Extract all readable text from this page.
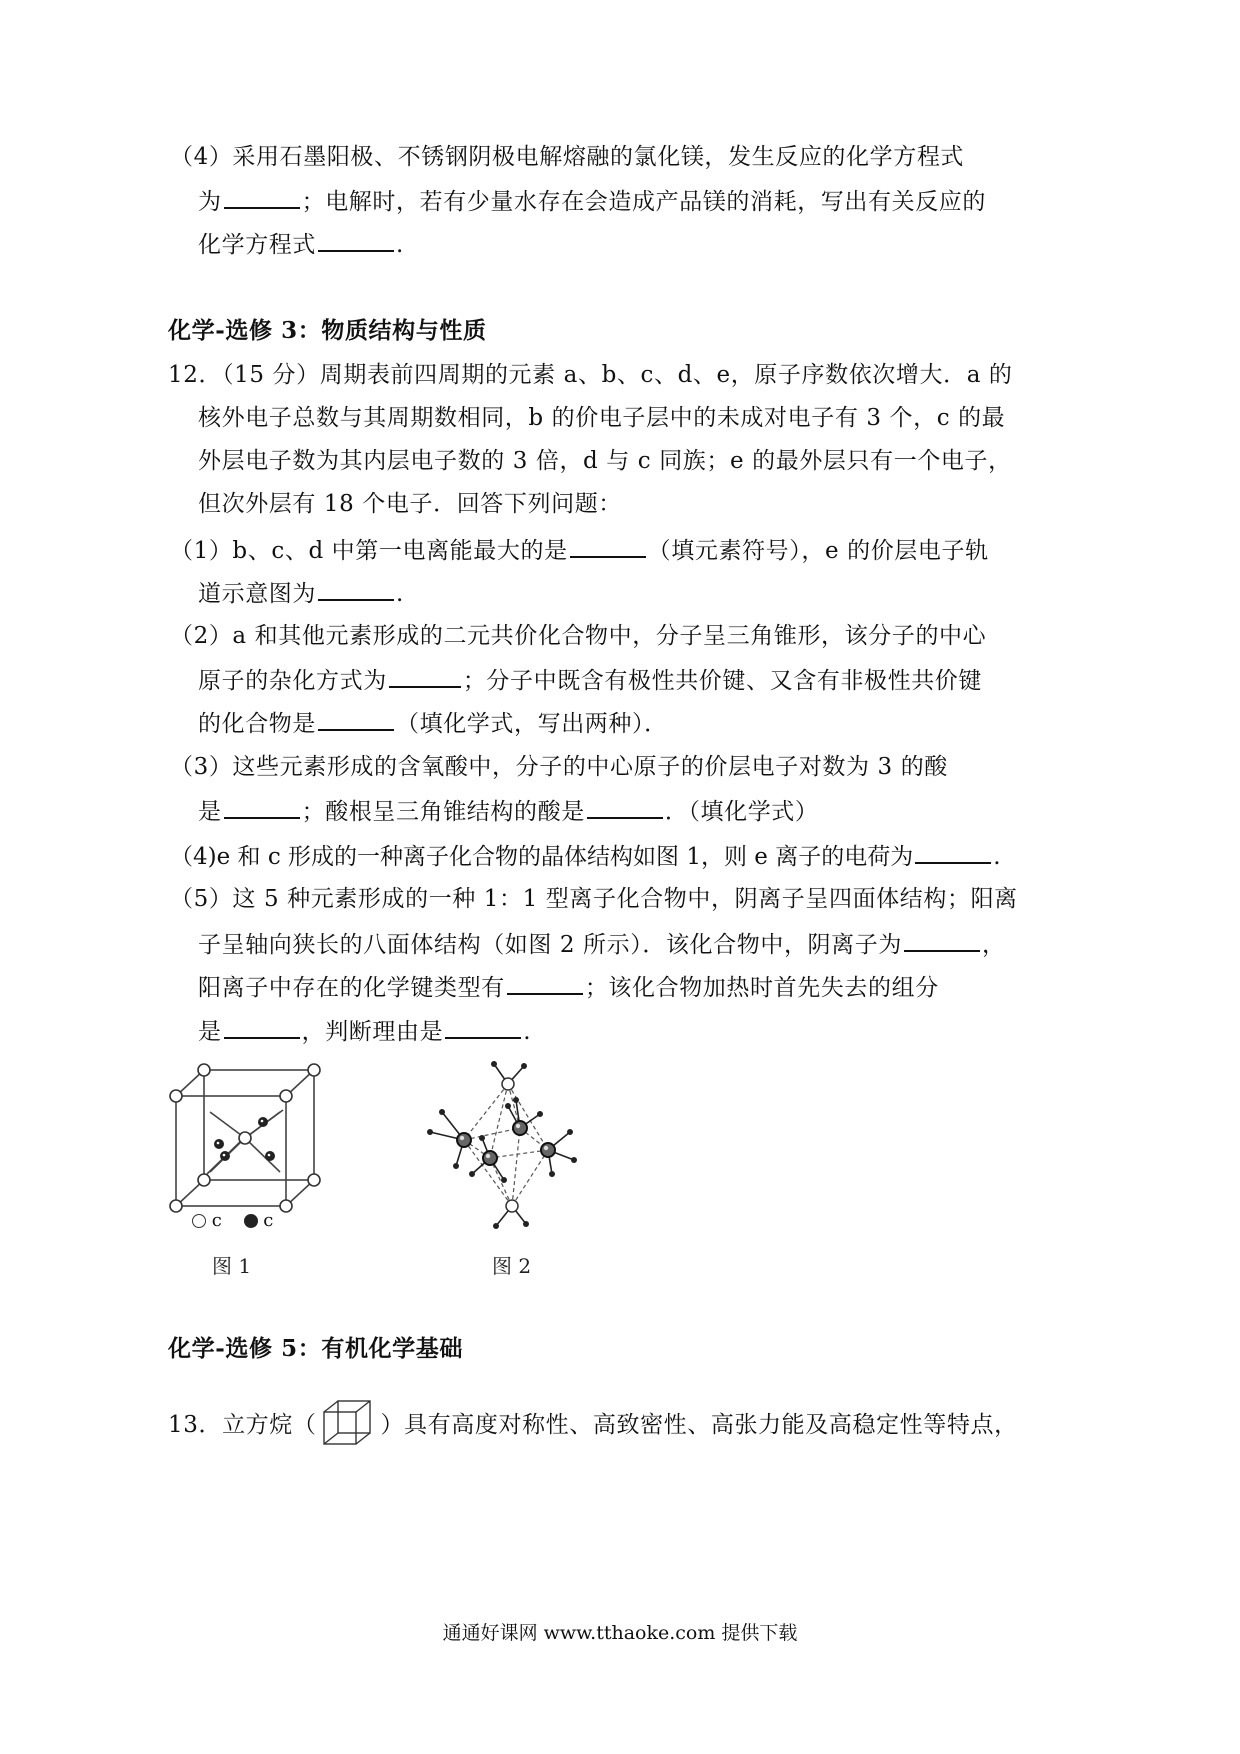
（4）采用石墨阳极、不锈钢阴极电解熔融的氯化镁，发生反应的化学方程式
为	；电解时，若有少量水存在会造成产品镁的消耗，写出有关反应的
化学方程式	.
化学-选修 3：物质结构与性质
12．（15 分）周期表前四周期的元素 a、b、c、d、e，原子序数依次增大．a 的
核外电子总数与其周期数相同，b 的价电子层中的未成对电子有 3 个，c 的最
外层电子数为其内层电子数的 3 倍，d 与 c 同族；e 的最外层只有一个电子，
但次外层有 18 个电子．回答下列问题：
（1）b、c、d 中第一电离能最大的是	（填元素符号），e 的价层电子轨
道示意图为	.
（2）a 和其他元素形成的二元共价化合物中，分子呈三角锥形，该分子的中心
原子的杂化方式为	；分子中既含有极性共价键、又含有非极性共价键
的化合物是	（填化学式，写出两种）．
（3）这些元素形成的含氧酸中，分子的中心原子的价层电子对数为 3 的酸
是	；酸根呈三角锥结构的酸是	．（填化学式）
（4)e 和 c 形成的一种离子化合物的晶体结构如图 1，则 e 离子的电荷为	.
（5）这 5 种元素形成的一种 1：1 型离子化合物中，阴离子呈四面体结构；阳离
子呈轴向狭长的八面体结构（如图 2 所示）．该化合物中，阴离子为	，
阳离子中存在的化学键类型有	；该化合物加热时首先失去的组分
是	，判断理由是	.
c c
图 1	图 2
化学-选修 5：有机化学基础
13．立方烷（	）具有高度对称性、高致密性、高张力能及高稳定性等特点，
通通好课网 www.tthaoke.com 提供下载
